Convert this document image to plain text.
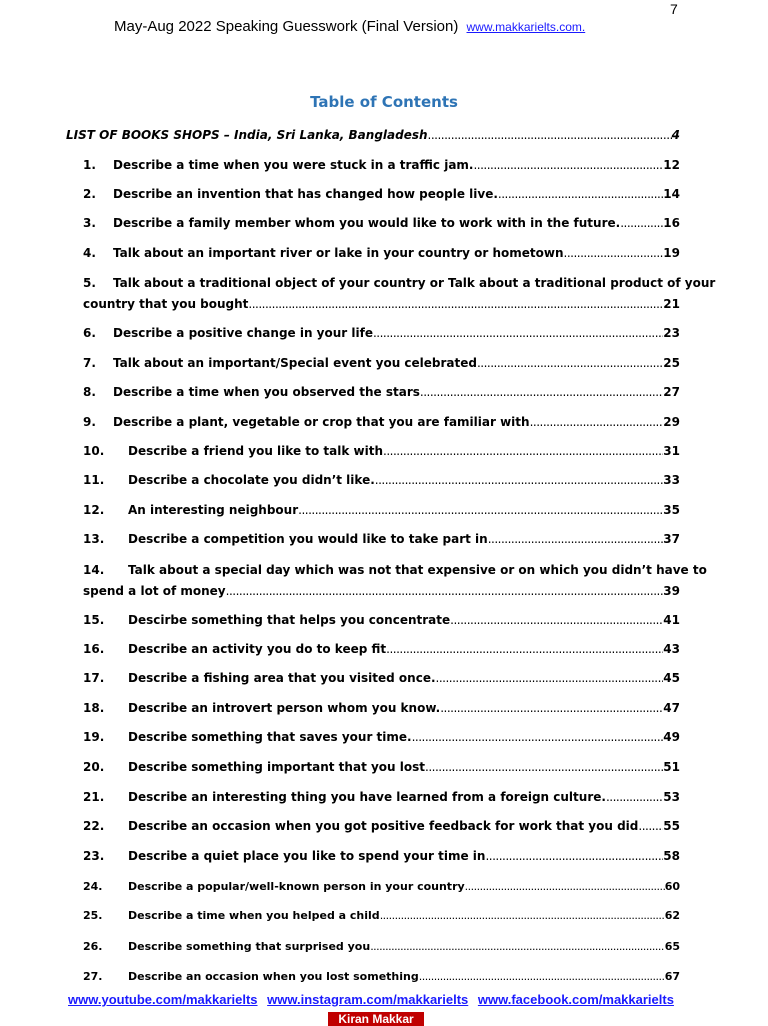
7
May-Aug 2022 Speaking Guesswork (Final Version) www.makkarielts.com.
Table of Contents
LIST OF BOOKS SHOPS – India, Sri Lanka, Bangladesh .....	4
1.	Describe a time when you were stuck in a traffic jam. .....	12
2.	Describe an invention that has changed how people live. .....	14
3.	Describe a family member whom you would like to work with in the future. .....	16
4.	Talk about an important river or lake in your country or hometown .....	19
5.	Talk about a traditional object of your country or Talk about a traditional product of your
country that you bought .....	21
6.	Describe a positive change in your life .....	23
7.	Talk about an important/Special event you celebrated .....	25
8.	Describe a time when you observed the stars .....	27
9.	Describe a plant, vegetable or crop that you are familiar with .....	29
10.	Describe a friend you like to talk with .....	31
11.	Describe a chocolate you didn’t like. .....	33
12.	An interesting neighbour .....	35
13.	Describe a competition you would like to take part in .....	37
14.	Talk about a special day which was not that expensive or on which you didn’t have to
spend a lot of money .....	39
15.	Descirbe something that helps you concentrate .....	41
16.	Describe an activity you do to keep fit .....	43
17.	Describe a fishing area that you visited once. .....	45
18.	Describe an introvert person whom you know. .....	47
19.	Describe something that saves your time. .....	49
20.	Describe something important that you lost .....	51
21.	Describe an interesting thing you have learned from a foreign culture. .....	53
22.	Describe an occasion when you got positive feedback for work that you did ..... 55
23.	Describe a quiet place you like to spend your time in .....	58
24.	Describe a popular/well-known person in your country .....	60
25.	Describe a time when you helped a child .....	62
26.	Describe something that surprised you .....	65
27.	Describe an occasion when you lost something .....	67
www.youtube.com/makkarielts www.instagram.com/makkarielts www.facebook.com/makkarielts
Kiran Makkar
